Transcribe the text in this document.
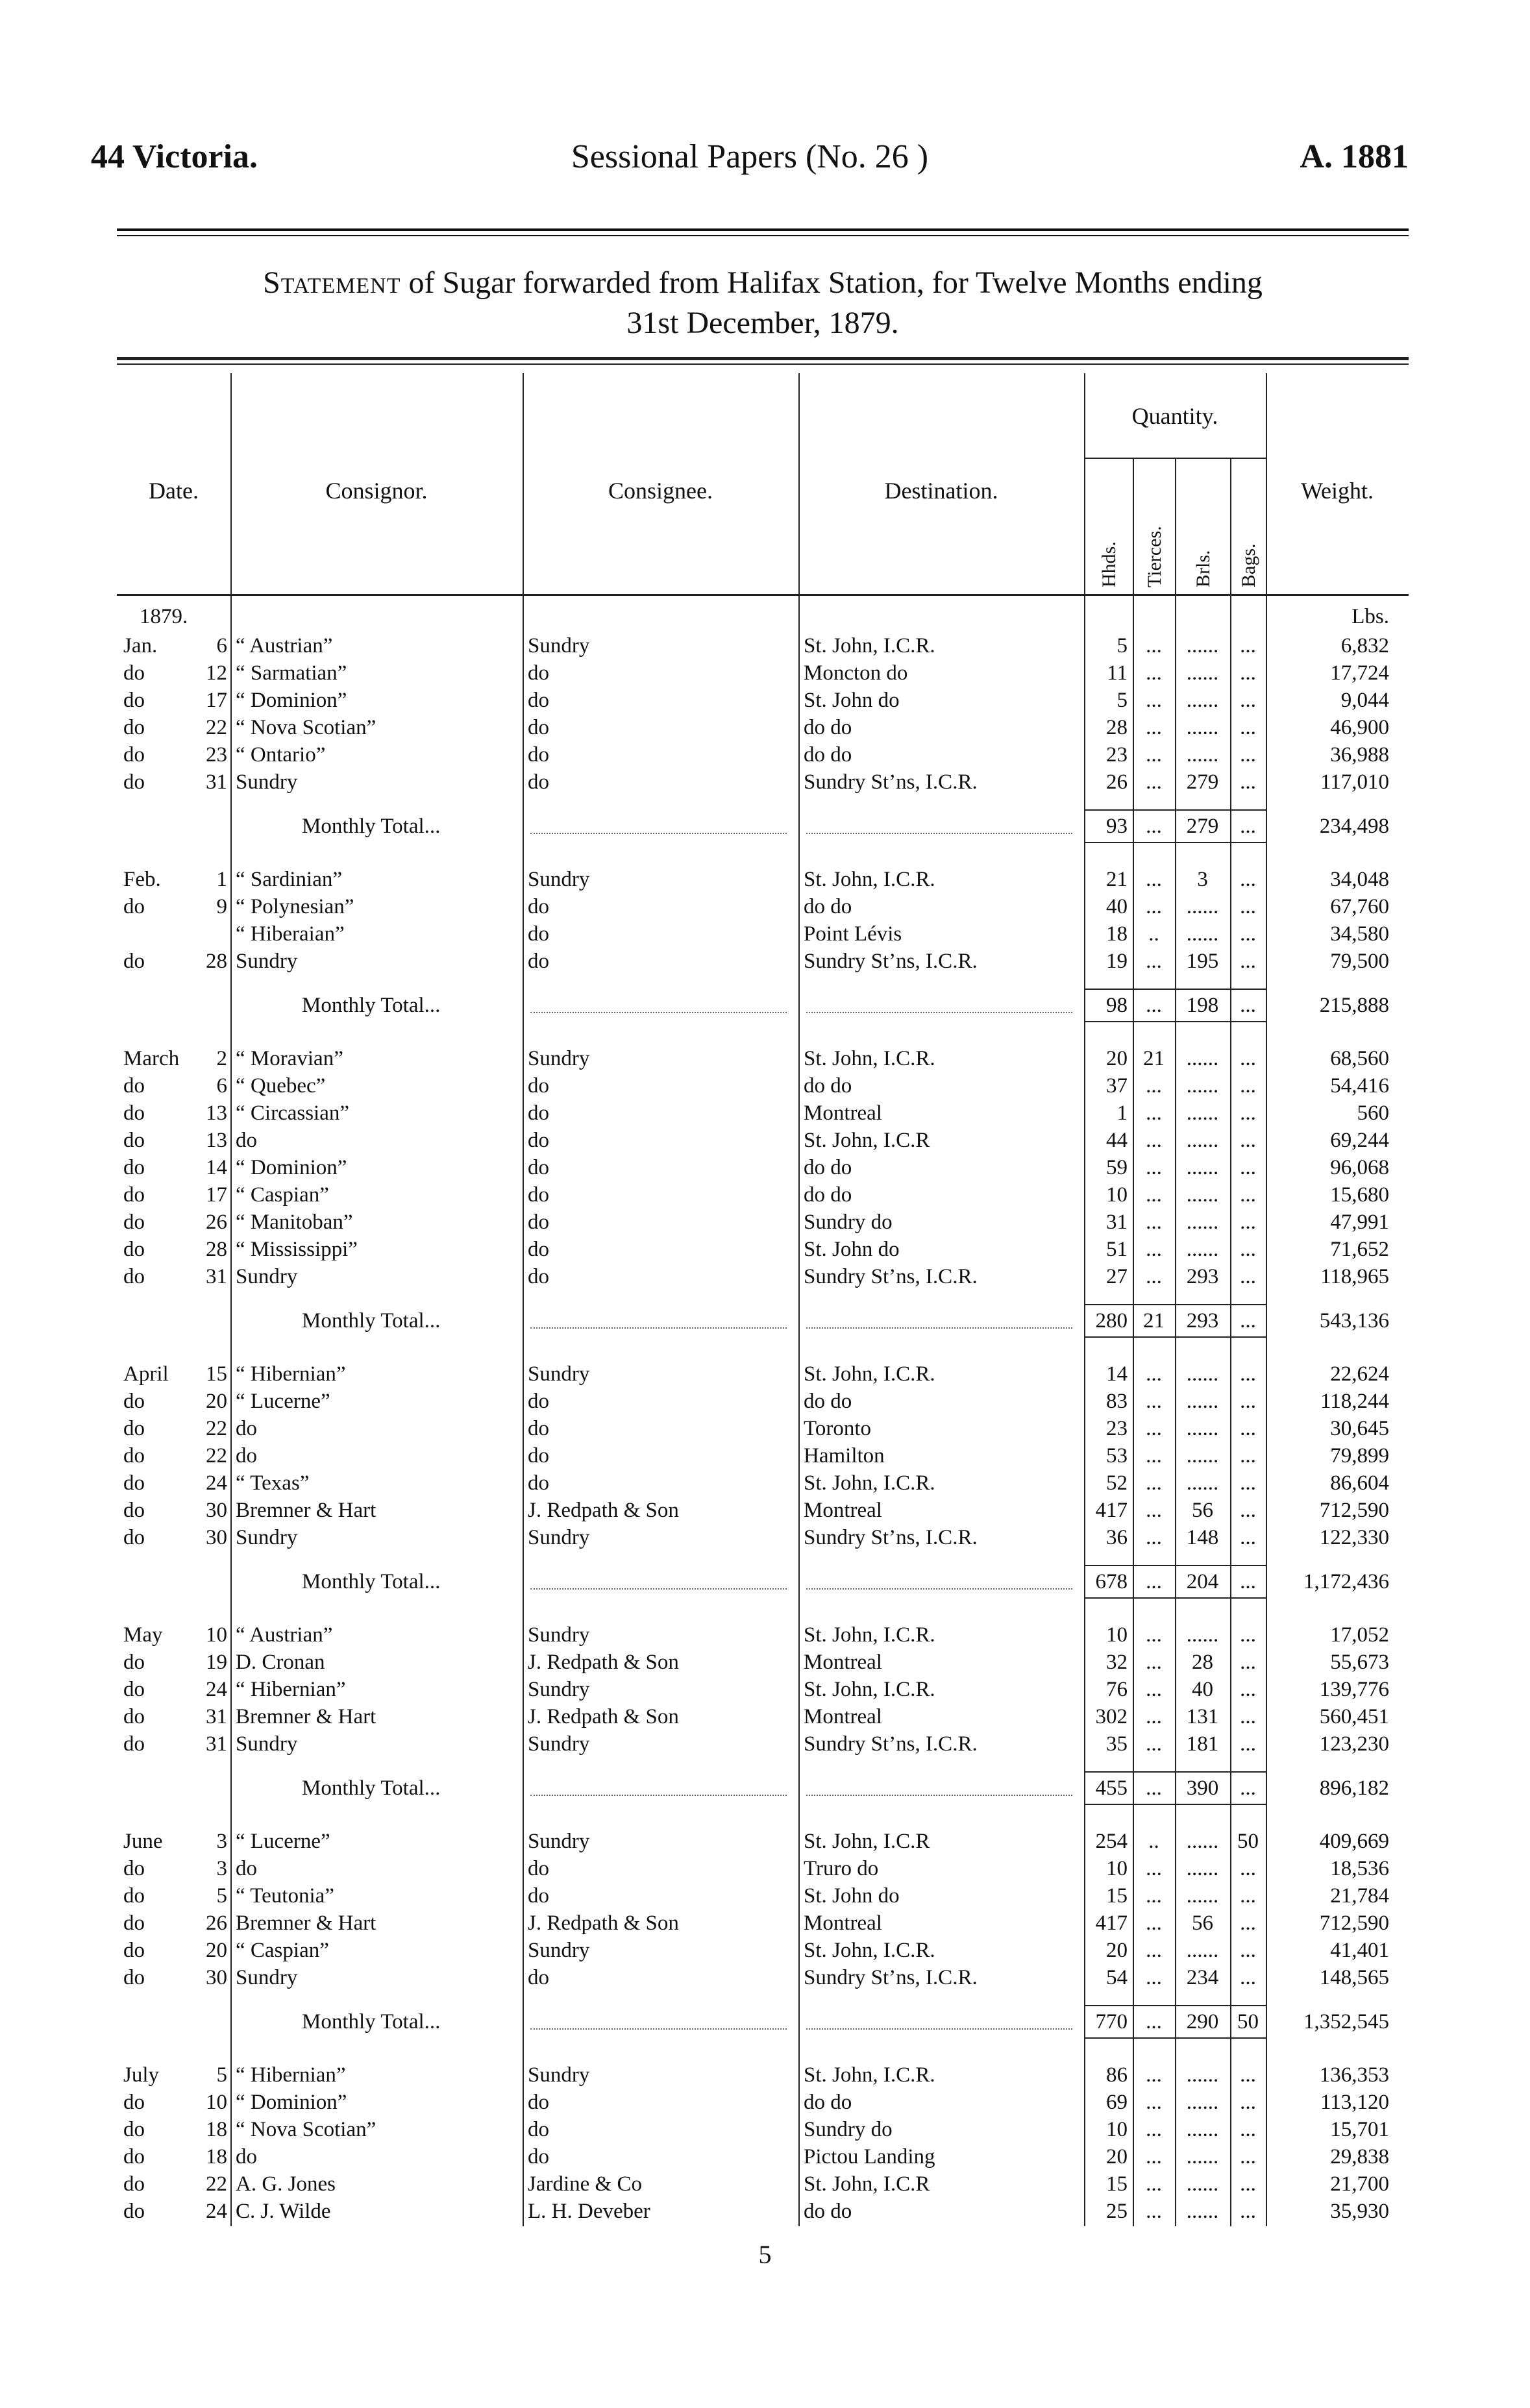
44 Victoria.	Sessional Papers (No. 26 )	A. 1881
Statement of Sugar forwarded from Halifax Station, for Twelve Months ending
31st December, 1879.
Date.	Consignor.	Consignee.	Destination.
Quantity.
Weight.
Hhds. Tierces. Brls. Bags.
1879.	Lbs.
Jan.	6 “ Austrian”	Sundry	St. John, I.C.R.	5 ...	...... ...	6,832
do	12 “ Sarmatian”	do	Moncton do	11 ...	...... ...	17,724
do	17 “ Dominion”	do	St. John do	5 ...	...... ...	9,044
do	22 “ Nova Scotian”	do	do do	28 ...	...... ...	46,900
do	23 “ Ontario”	do	do do	23 ...	...... ...	36,988
do	31 Sundry	do	Sundry St’ns, I.C.R.	26 ...	279 ...	117,010
Monthly Total...	93 ...	279 ...	234,498
Feb.	1 “ Sardinian”	Sundry	St. John, I.C.R.	21 ...	3	...	34,048
do	9 “ Polynesian”	do	do do	40 ...	...... ...	67,760
“ Hiberaian”	do	Point Lévis	18 ..	...... ...	34,580
do	28 Sundry	do	Sundry St’ns, I.C.R.	19 ...	195 ...	79,500
Monthly Total...	98 ...	198 ...	215,888
March	2 “ Moravian”	Sundry	St. John, I.C.R.	20 21	...... ...	68,560
do	6 “ Quebec”	do	do do	37 ...	...... ...	54,416
do	13 “ Circassian”	do	Montreal	1 ...	...... ...	560
do	13 do	do	St. John, I.C.R	44 ...	...... ...	69,244
do	14 “ Dominion”	do	do do	59 ...	...... ...	96,068
do	17 “ Caspian”	do	do do	10 ...	...... ...	15,680
do	26 “ Manitoban”	do	Sundry do	31 ...	...... ...	47,991
do	28 “ Mississippi”	do	St. John do	51 ...	...... ...	71,652
do	31 Sundry	do	Sundry St’ns, I.C.R.	27 ...	293 ...	118,965
Monthly Total...	280 21	293 ...	543,136
April	15 “ Hibernian”	Sundry	St. John, I.C.R.	14 ...	...... ...	22,624
do	20 “ Lucerne”	do	do do	83 ...	...... ...	118,244
do	22 do	do	Toronto	23 ...	...... ...	30,645
do	22 do	do	Hamilton	53 ...	...... ...	79,899
do	24 “ Texas”	do	St. John, I.C.R.	52 ...	...... ...	86,604
do	30 Bremner & Hart	J. Redpath & Son	Montreal	417 ...	56	...	712,590
do	30 Sundry	Sundry	Sundry St’ns, I.C.R.	36 ...	148 ...	122,330
Monthly Total...	678 ...	204 ...	1,172,436
May	10 “ Austrian”	Sundry	St. John, I.C.R.	10 ...	...... ...	17,052
do	19 D. Cronan	J. Redpath & Son	Montreal	32 ...	28	...	55,673
do	24 “ Hibernian”	Sundry	St. John, I.C.R.	76 ...	40	...	139,776
do	31 Bremner & Hart	J. Redpath & Son	Montreal	302 ...	131 ...	560,451
do	31 Sundry	Sundry	Sundry St’ns, I.C.R.	35 ...	181 ...	123,230
Monthly Total...	455 ...	390 ...	896,182
June	3 “ Lucerne”	Sundry	St. John, I.C.R	254 ..	...... 50	409,669
do	3 do	do	Truro do	10 ...	...... ...	18,536
do	5 “ Teutonia”	do	St. John do	15 ...	...... ...	21,784
do	26 Bremner & Hart	J. Redpath & Son	Montreal	417 ...	56	...	712,590
do	20 “ Caspian”	Sundry	St. John, I.C.R.	20 ...	...... ...	41,401
do	30 Sundry	do	Sundry St’ns, I.C.R.	54 ...	234 ...	148,565
Monthly Total...	770 ...	290 50	1,352,545
July	5 “ Hibernian”	Sundry	St. John, I.C.R.	86 ...	...... ...	136,353
do	10 “ Dominion”	do	do do	69 ...	...... ...	113,120
do	18 “ Nova Scotian”	do	Sundry do	10 ...	...... ...	15,701
do	18 do	do	Pictou Landing	20 ...	...... ...	29,838
do	22 A. G. Jones	Jardine & Co	St. John, I.C.R	15 ...	...... ...	21,700
do	24 C. J. Wilde	L. H. Deveber	do do	25 ...	...... ...	35,930
5
